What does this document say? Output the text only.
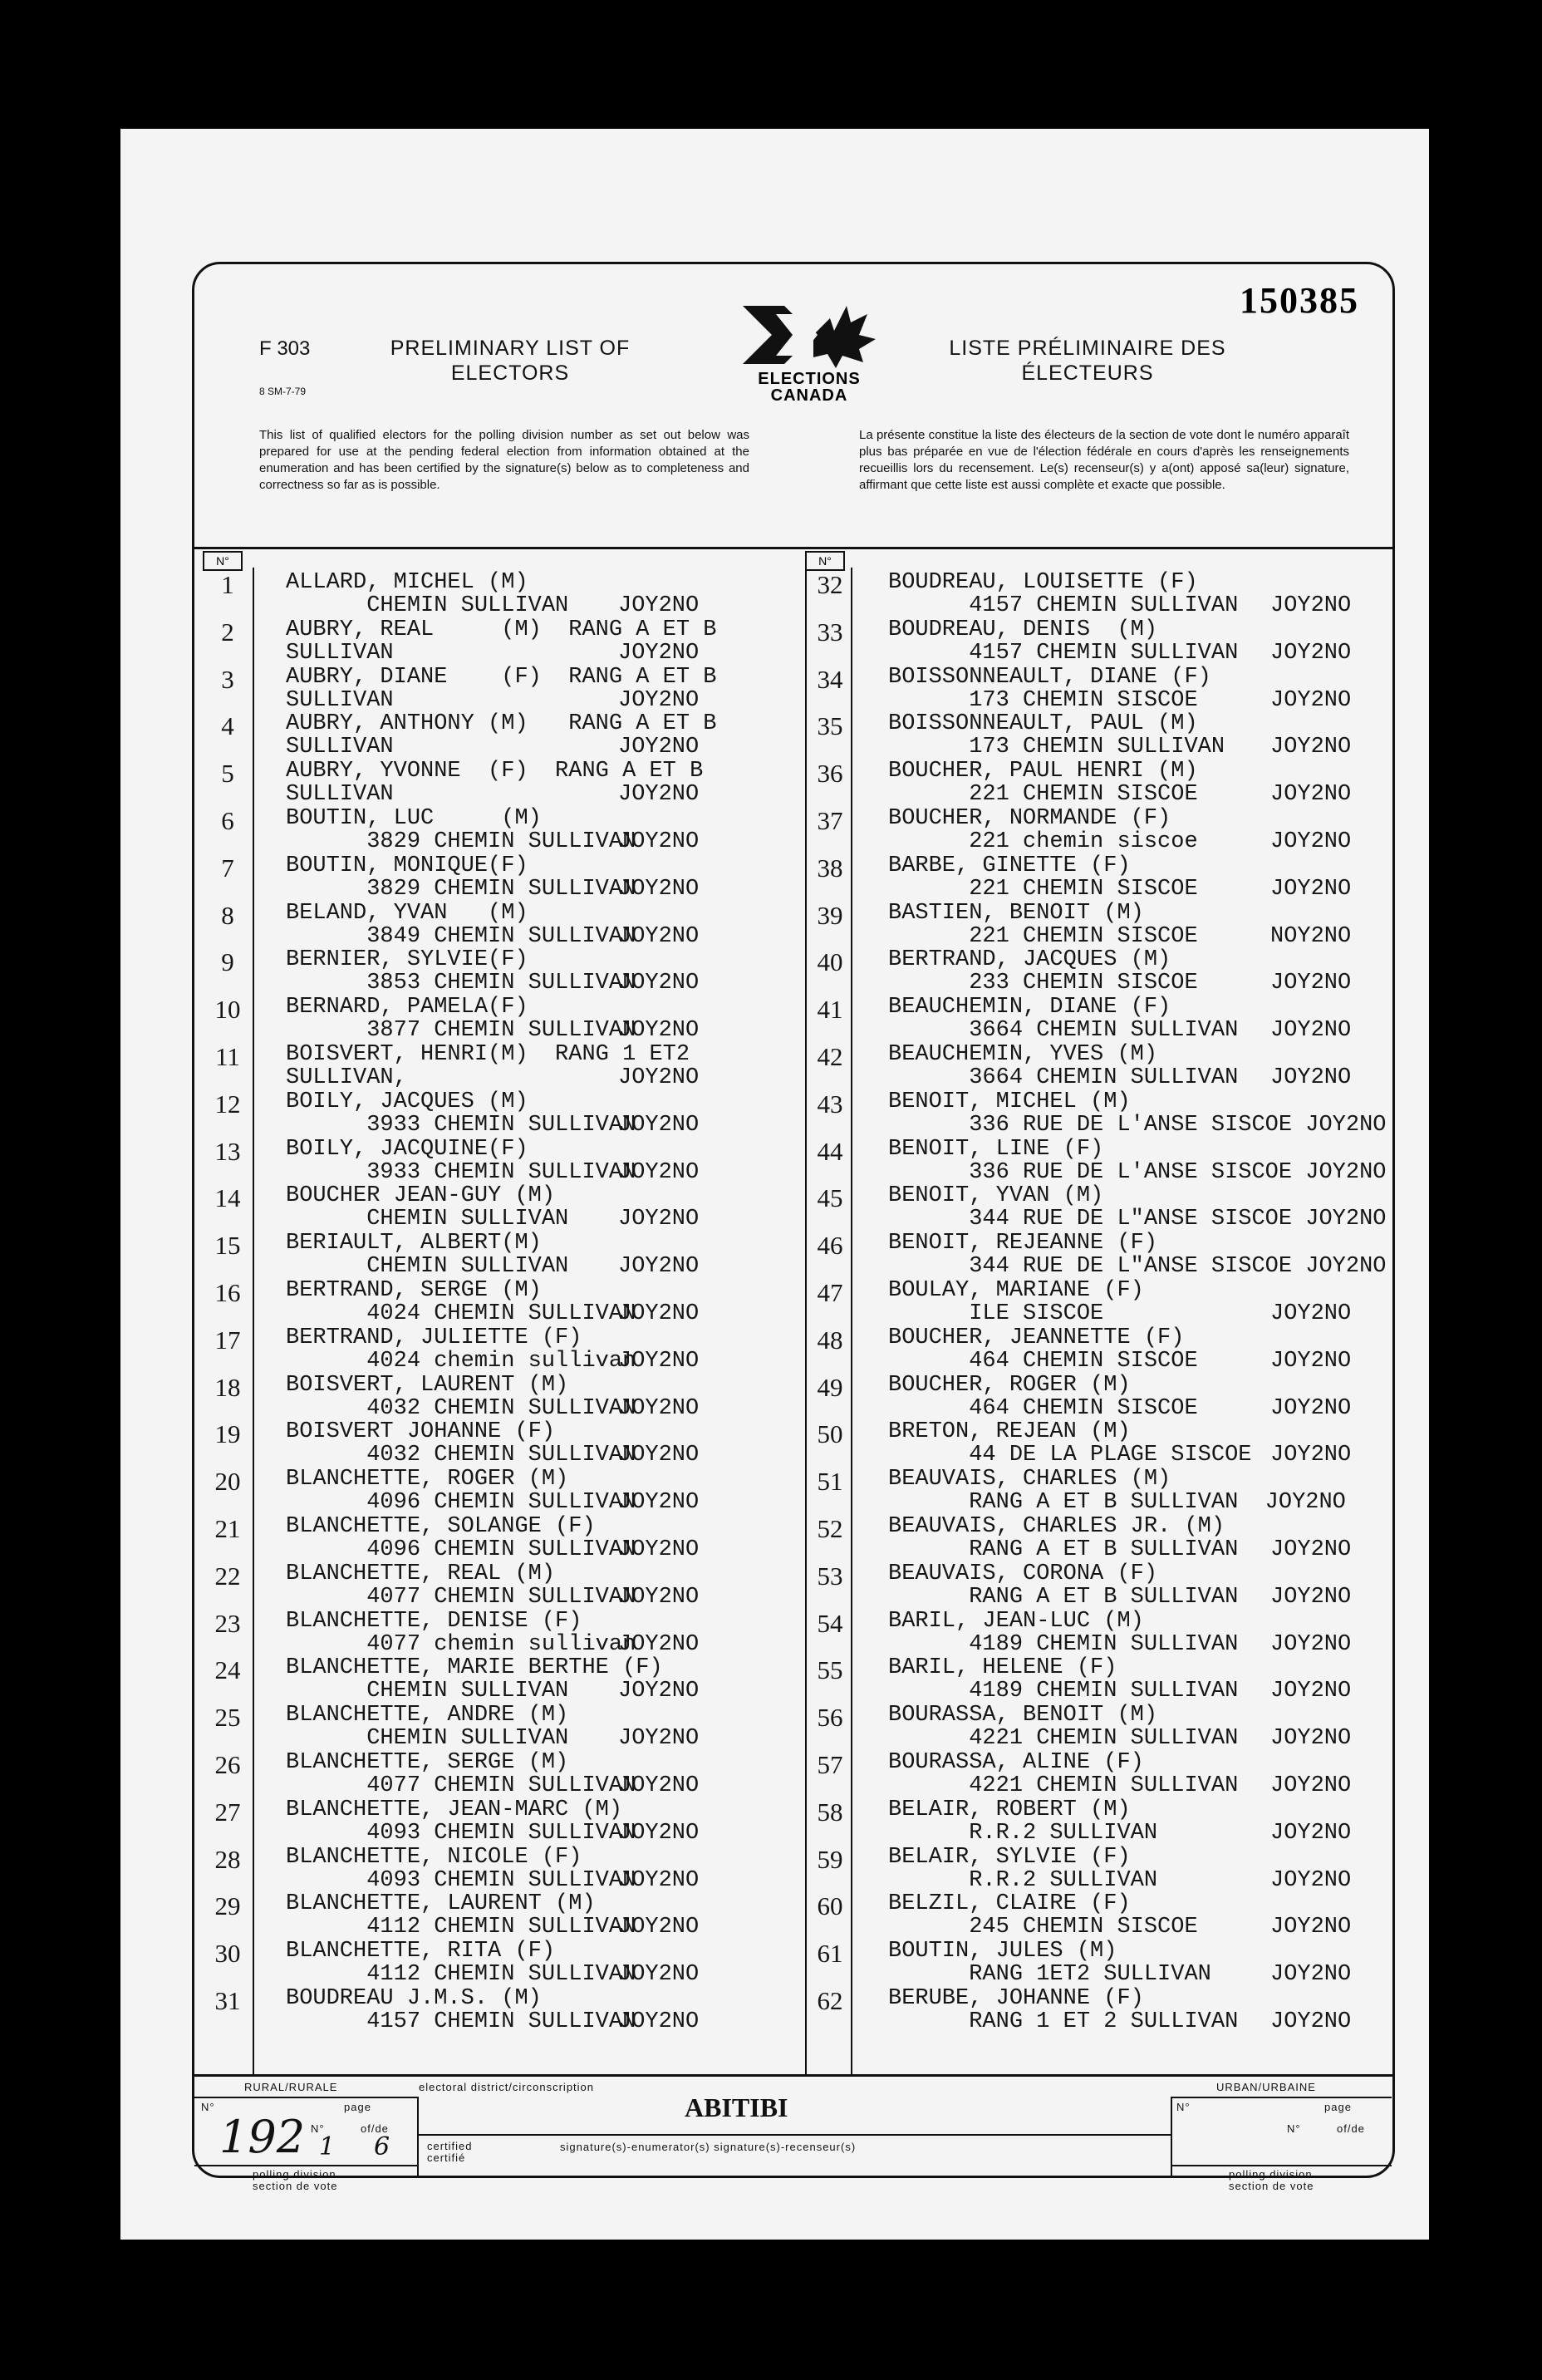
150385
F 303
8 SM-7-79
PRELIMINARY LIST OF
ELECTORS	ELECTIONS
CANADA
LISTE PRÉLIMINAIRE DES
ÉLECTEURS
This list of qualified electors for the polling division number as set out below was prepared for use at the pending federal election from information obtained at the enumeration and has been certified by the signature(s) below as to completeness and correctness so far as is possible.
La présente constitue la liste des électeurs de la section de vote dont le numéro apparaît plus bas préparée en vue de l'élection fédérale en cours d'après les renseignements recueillis lors du recensement. Le(s) recenseur(s) y a(ont) apposé sa(leur) signature, affirmant que cette liste est aussi complète et exacte que possible.
N°	N°
1	ALLARD, MICHEL (M)
CHEMIN SULLIVAN JOY2NO
2	AUBRY, REAL     (M)  RANG A ET B
SULLIVAN	JOY2NO
3	AUBRY, DIANE    (F)  RANG A ET B
SULLIVAN	JOY2NO
4	AUBRY, ANTHONY (M)   RANG A ET B
SULLIVAN	JOY2NO
5	AUBRY, YVONNE  (F)  RANG A ET B
SULLIVAN	JOY2NO
6	BOUTIN, LUC     (M)
3829 CHEMIN SULLIVAN
JOY2NO
7	BOUTIN, MONIQUE(F)
3829 CHEMIN SULLIVAN
JOY2NO
8	BELAND, YVAN   (M)
3849 CHEMIN SULLIVAN
JOY2NO
9	BERNIER, SYLVIE(F)
3853 CHEMIN SULLIVAN
JOY2NO
10	BERNARD, PAMELA(F)
3877 CHEMIN SULLIVAN
JOY2NO
11	BOISVERT, HENRI(M)  RANG 1 ET2
SULLIVAN,	JOY2NO
12	BOILY, JACQUES (M)
3933 CHEMIN SULLIVAN
JOY2NO
13	BOILY, JACQUINE(F)
3933 CHEMIN SULLIVAN
JOY2NO
14	BOUCHER JEAN-GUY (M)
CHEMIN SULLIVAN JOY2NO
15	BERIAULT, ALBERT(M)
CHEMIN SULLIVAN JOY2NO
16	BERTRAND, SERGE (M)
4024 CHEMIN SULLIVAN
JOY2NO
17	BERTRAND, JULIETTE (F)
4024 chemin sullivan
JOY2NO
18	BOISVERT, LAURENT (M)
4032 CHEMIN SULLIVAN
JOY2NO
19	BOISVERT JOHANNE (F)
4032 CHEMIN SULLIVAN
JOY2NO
20	BLANCHETTE, ROGER (M)
4096 CHEMIN SULLIVAN
JOY2NO
21	BLANCHETTE, SOLANGE (F)
4096 CHEMIN SULLIVAN
JOY2NO
22	BLANCHETTE, REAL (M)
4077 CHEMIN SULLIVAN
JOY2NO
23	BLANCHETTE, DENISE (F)
4077 chemin sullivan
JOY2NO
24	BLANCHETTE, MARIE BERTHE (F)
CHEMIN SULLIVAN JOY2NO
25	BLANCHETTE, ANDRE (M)
CHEMIN SULLIVAN JOY2NO
26	BLANCHETTE, SERGE (M)
4077 CHEMIN SULLIVAN
JOY2NO
27	BLANCHETTE, JEAN-MARC (M)
4093 CHEMIN SULLIVAN
JOY2NO
28	BLANCHETTE, NICOLE (F)
4093 CHEMIN SULLIVAN
JOY2NO
29	BLANCHETTE, LAURENT (M)
4112 CHEMIN SULLIVAN
JOY2NO
30	BLANCHETTE, RITA (F)
4112 CHEMIN SULLIVAN
JOY2NO
31	BOUDREAU J.M.S. (M)
4157 CHEMIN SULLIVAN
JOY2NO
32	BOUDREAU, LOUISETTE (F)
4157 CHEMIN SULLIVAN JOY2NO
33	BOUDREAU, DENIS  (M)
4157 CHEMIN SULLIVAN JOY2NO
34	BOISSONNEAULT, DIANE (F)
173 CHEMIN SISCOE	JOY2NO
35	BOISSONNEAULT, PAUL (M)
173 CHEMIN SULLIVAN JOY2NO
36	BOUCHER, PAUL HENRI (M)
221 CHEMIN SISCOE	JOY2NO
37	BOUCHER, NORMANDE (F)
221 chemin siscoe	JOY2NO
38	BARBE, GINETTE (F)
221 CHEMIN SISCOE	JOY2NO
39	BASTIEN, BENOIT (M)
221 CHEMIN SISCOE	NOY2NO
40	BERTRAND, JACQUES (M)
233 CHEMIN SISCOE	JOY2NO
41	BEAUCHEMIN, DIANE (F)
3664 CHEMIN SULLIVAN JOY2NO
42	BEAUCHEMIN, YVES (M)
3664 CHEMIN SULLIVAN JOY2NO
43	BENOIT, MICHEL (M)
336 RUE DE L'ANSE SISCOE JOY2NO
44	BENOIT, LINE (F)
336 RUE DE L'ANSE SISCOE JOY2NO
45	BENOIT, YVAN (M)
344 RUE DE L"ANSE SISCOE JOY2NO
46	BENOIT, REJEANNE (F)
344 RUE DE L"ANSE SISCOE JOY2NO
47	BOULAY, MARIANE (F)
ILE SISCOE	JOY2NO
48	BOUCHER, JEANNETTE (F)
464 CHEMIN SISCOE	JOY2NO
49	BOUCHER, ROGER (M)
464 CHEMIN SISCOE	JOY2NO
50	BRETON, REJEAN (M)
44 DE LA PLAGE SISCOE JOY2NO
51	BEAUVAIS, CHARLES (M)
RANG A ET B SULLIVAN  JOY2NO
52	BEAUVAIS, CHARLES JR. (M)
RANG A ET B SULLIVAN JOY2NO
53	BEAUVAIS, CORONA (F)
RANG A ET B SULLIVAN JOY2NO
54	BARIL, JEAN-LUC (M)
4189 CHEMIN SULLIVAN JOY2NO
55	BARIL, HELENE (F)
4189 CHEMIN SULLIVAN JOY2NO
56	BOURASSA, BENOIT (M)
4221 CHEMIN SULLIVAN JOY2NO
57	BOURASSA, ALINE (F)
4221 CHEMIN SULLIVAN JOY2NO
58	BELAIR, ROBERT (M)
R.R.2 SULLIVAN	JOY2NO
59	BELAIR, SYLVIE (F)
R.R.2 SULLIVAN	JOY2NO
60	BELZIL, CLAIRE (F)
245 CHEMIN SISCOE	JOY2NO
61	BOUTIN, JULES (M)
RANG 1ET2 SULLIVAN	JOY2NO
62	BERUBE, JOHANNE (F)
RANG 1 ET 2 SULLIVAN JOY2NO
RURAL/RURALE	URBAN/URBAINE
electoral district/circonscription
ABITIBI
N°	page
N°	of/de
192 1 6
polling division
section de vote
certified
certifié
signature(s)-enumerator(s) signature(s)-recenseur(s)
N°	page
N°	of/de
polling division
section de vote
